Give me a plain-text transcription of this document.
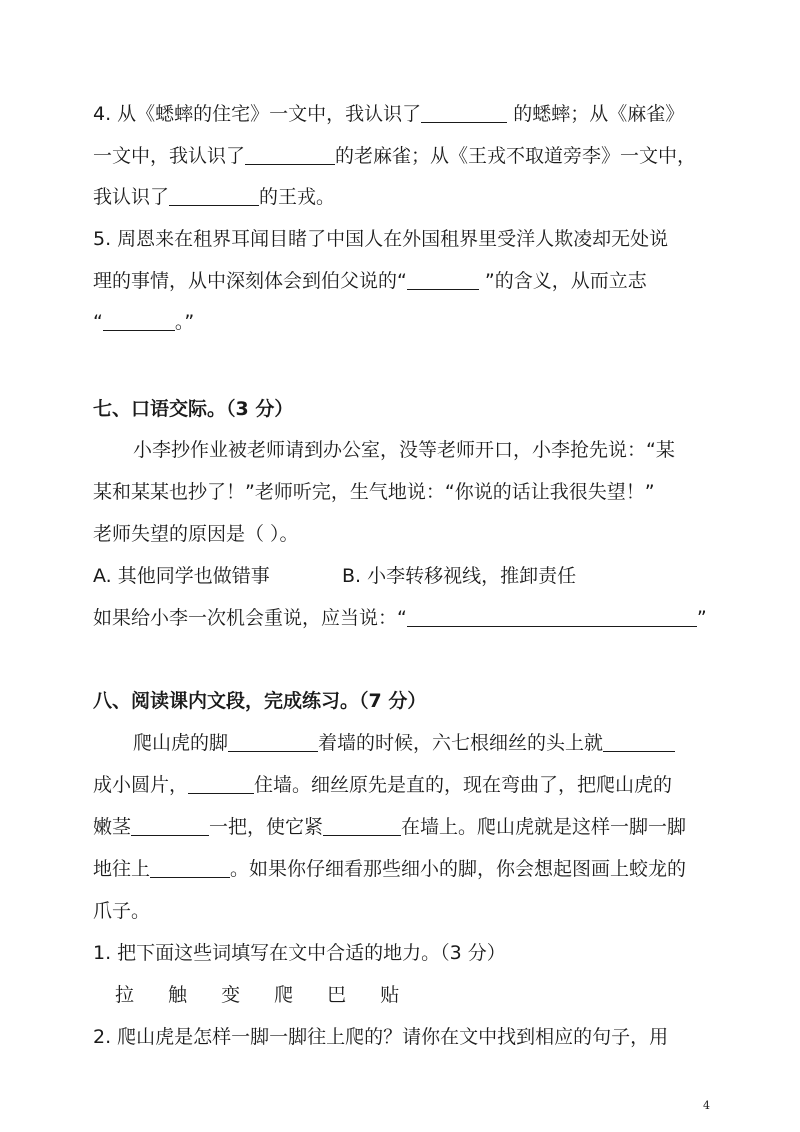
4. 从《蟋蟀的住宅》一文中，我认识了	的蟋蟀；从《麻雀》
一文中，我认识了	的老麻雀；从《王戎不取道旁李》一文中，
我认识了	的王戎。
5. 周恩来在租界耳闻目睹了中国人在外国租界里受洋人欺凌却无处说
理的事情，从中深刻体会到伯父说的“	”的含义，从而立志
“	。”
七、口语交际。（3 分）
小李抄作业被老师请到办公室，没等老师开口，小李抢先说：“某
某和某某也抄了！”老师听完，生气地说：“你说的话让我很失望！”
老师失望的原因是（ ）。
A. 其他同学也做错事	B. 小李转移视线，推卸责任
如果给小李一次机会重说，应当说：“	”
八、阅读课内文段，完成练习。（7 分）
爬山虎的脚	着墙的时候，六七根细丝的头上就
成小圆片，	住墙。细丝原先是直的，现在弯曲了，把爬山虎的
嫩茎	一把，使它紧	在墙上。爬山虎就是这样一脚一脚
地往上	。如果你仔细看那些细小的脚，你会想起图画上蛟龙的
爪子。
1. 把下面这些词填写在文中合适的地力。（3 分）
拉 触 变 爬 巴 贴
2. 爬山虎是怎样一脚一脚往上爬的？请你在文中找到相应的句子，用
4
